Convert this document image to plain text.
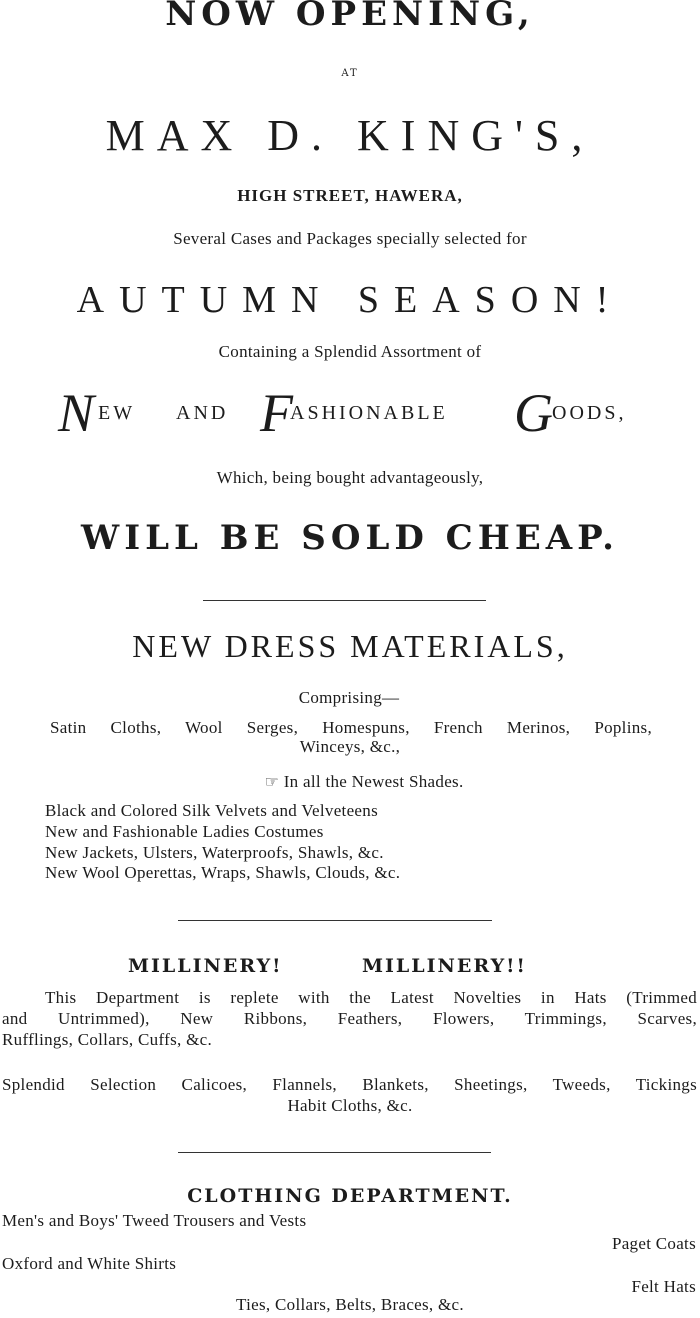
NOW OPENING,
AT
MAX D. KING'S,
HIGH STREET, HAWERA,
Several Cases and Packages specially selected for
AUTUMN SEASON!
Containing a Splendid Assortment of
N EW AND F
ASHIONABLE G OODS,
Which, being bought advantageously,
WILL BE SOLD CHEAP.
NEW DRESS MATERIALS,
Comprising—
Satin Cloths, Wool Serges, Homespuns, French Merinos, Poplins,
Winceys, &c.,
☞ In all the Newest Shades.
Black and Colored Silk Velvets and Velveteens
New and Fashionable Ladies Costumes
New Jackets, Ulsters, Waterproofs, Shawls, &c.
New Wool Operettas, Wraps, Shawls, Clouds, &c.
MILLINERY!	MILLINERY!!
This Department is replete with the Latest Novelties in Hats (Trimmed
and Untrimmed), New Ribbons, Feathers, Flowers, Trimmings, Scarves,
Rufflings, Collars, Cuffs, &c.
Splendid Selection Calicoes, Flannels, Blankets, Sheetings, Tweeds, Tickings
Habit Cloths, &c.
CLOTHING DEPARTMENT.
Men's and Boys' Tweed Trousers and Vests
Paget Coats
Oxford and White Shirts
Felt Hats
Ties, Collars, Belts, Braces, &c.
